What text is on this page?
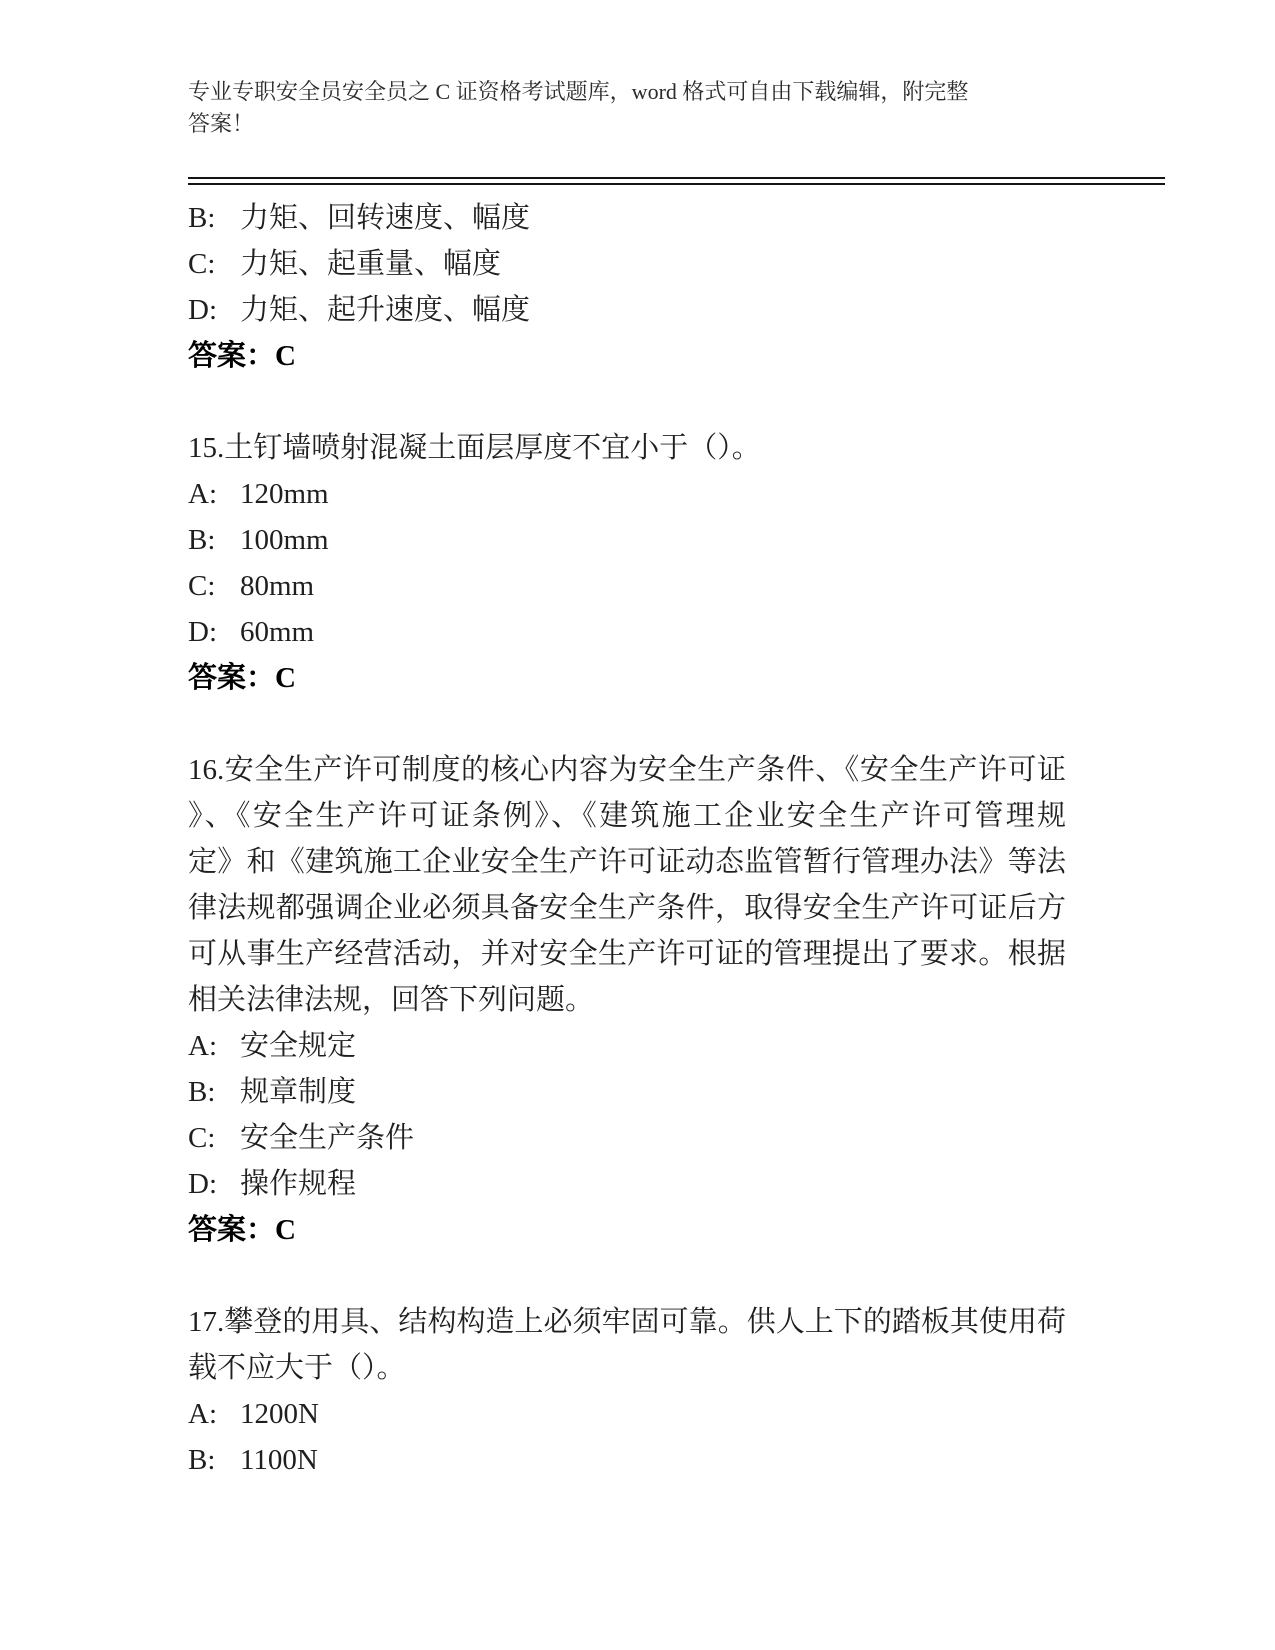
专业专职安全员安全员之 C 证资格考试题库，word 格式可自由下载编辑，附完整
答案！
B: 力矩、回转速度、幅度
C: 力矩、起重量、幅度
D: 力矩、起升速度、幅度
答案：C
15.土钉墙喷射混凝土面层厚度不宜小于（）。
A: 120mm
B: 100mm
C: 80mm
D: 60mm
答案：C
16.安全生产许可制度的核心内容为安全生产条件、《安全生产许可证
》、《安全生产许可证条例》、《建筑施工企业安全生产许可管理规
定》和《建筑施工企业安全生产许可证动态监管暂行管理办法》等法
律法规都强调企业必须具备安全生产条件，取得安全生产许可证后方
可从事生产经营活动，并对安全生产许可证的管理提出了要求。根据
相关法律法规，回答下列问题。
A: 安全规定
B: 规章制度
C: 安全生产条件
D: 操作规程
答案：C
17.攀登的用具、结构构造上必须牢固可靠。供人上下的踏板其使用荷
载不应大于（）。
A: 1200N
B: 1100N
